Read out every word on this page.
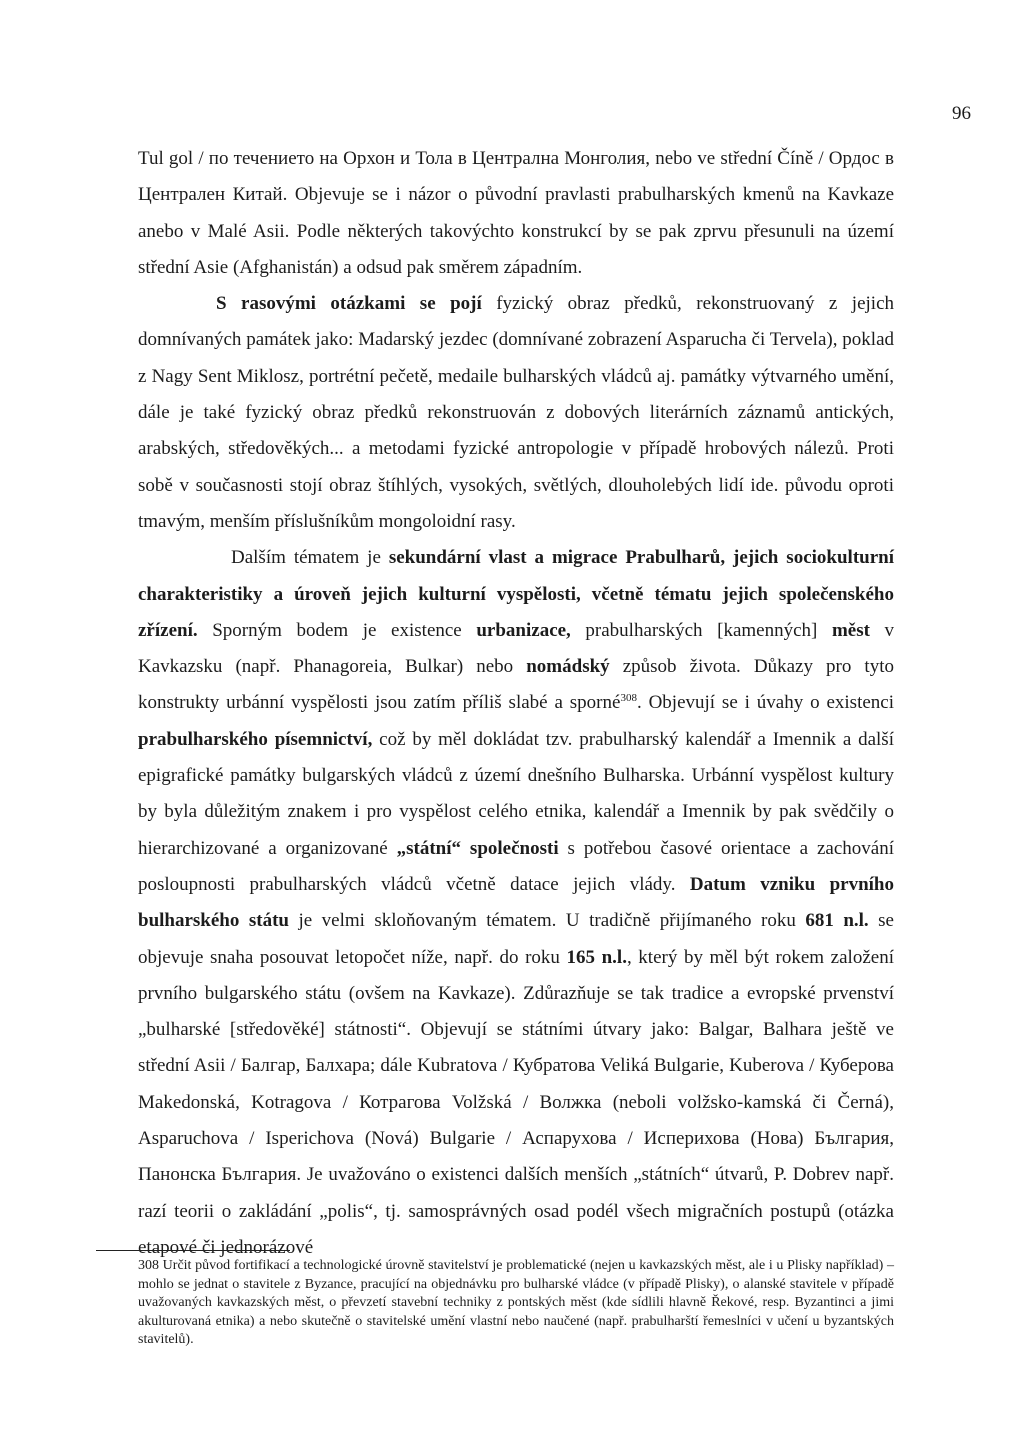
96

Tul gol / по течението на Орхон и Тола в Централна Монголия, nebo ve střední Číně / Ордос в Централен Китай. Objevuje se i názor o původní pravlasti prabulharských kmenů na Kavkaze anebo v Malé Asii. Podle některých takovýchto konstrukcí by se pak zprvu přesunuli na území střední Asie (Afghanistán) a odsud pak směrem západním.

S rasovými otázkami se pojí fyzický obraz předků, rekonstruovaný z jejich domnívaných památek jako: Madarský jezdec (domnívané zobrazení Asparucha či Tervela), poklad z Nagy Sent Miklosz, portrétní pečetě, medaile bulharských vládců aj. památky výtvarného umění, dále je také fyzický obraz předků rekonstruován z dobových literárních záznamů antických, arabských, středověkých... a metodami fyzické antropologie v případě hrobových nálezů. Proti sobě v současnosti stojí obraz štíhlých, vysokých, světlých, dlouholebých lidí ide. původu oproti tmavým, menším příslušníkům mongoloidní rasy.

Dalším tématem je sekundární vlast a migrace Prabulharů, jejich sociokulturní charakteristiky a úroveň jejich kulturní vyspělosti, včetně tématu jejich společenského zřízení. Sporným bodem je existence urbanizace, prabulharských [kamenných] měst v Kavkazsku (např. Phanagoreia, Bulkar) nebo nomádský způsob života. Důkazy pro tyto konstrukty urbánní vyspělosti jsou zatím příliš slabé a sporné$^{308}$. Objevují se i úvahy o existenci prabulharského písemnictví, což by měl dokládat tzv. prabulharský kalendář a Imennik a další epigrafické památky bulgarských vládců z území dnešního Bulharska. Urbánní vyspělost kultury by byla důležitým znakem i pro vyspělost celého etnika, kalendář a Imennik by pak svědčily o hierarchizované a organizované „státní“ společnosti s potřebou časové orientace a zachování posloupnosti prabulharských vládců včetně datace jejich vlády. Datum vzniku prvního bulharského státu je velmi skloňovaným tématem. U tradičně přijímaného roku 681 n.l. se objevuje snaha posouvat letopočet níže, např. do roku 165 n.l., který by měl být rokem založení prvního bulgarského státu (ovšem na Kavkaze). Zdůrazňuje se tak tradice a evropské prvenství „bulharské [středověké] státnosti“. Objevují se státními útvary jako: Balgar, Balhara ještě ve střední Asii / Балгар, Балхара; dále Kubratova / Кубратова Veliká Bulgarie, Kuberova / Куберова Makedonská, Kotragova / Котрагова Volžská / Волжка (neboli volžsko-kamská či Černá), Asparuchova / Isperichova (Nová) Bulgarie / Аспарухова / Исперихова (Нова) България, Панонска България. Je uvažováno o existenci dalších menších „státních“ útvarů, P. Dobrev např. razí teorii o zakládání „polis“, tj. samosprávných osad podél všech migračních postupů (otázka etapové či jednorázové

308 Určit původ fortifikací a technologické úrovně stavitelství je problematické (nejen u kavkazských měst, ale i u Plisky například) – mohlo se jednat o stavitele z Byzance, pracující na objednávku pro bulharské vládce (v případě Plisky), o alanské stavitele v případě uvažovaných kavkazských měst, o převzetí stavební techniky z pontských měst (kde sídlili hlavně Řekové, resp. Byzantinci a jimi akulturovaná etnika) a nebo skutečně o stavitelské umění vlastní nebo naučené (např. prabulharští řemeslníci v učení u byzantských stavitelů).
